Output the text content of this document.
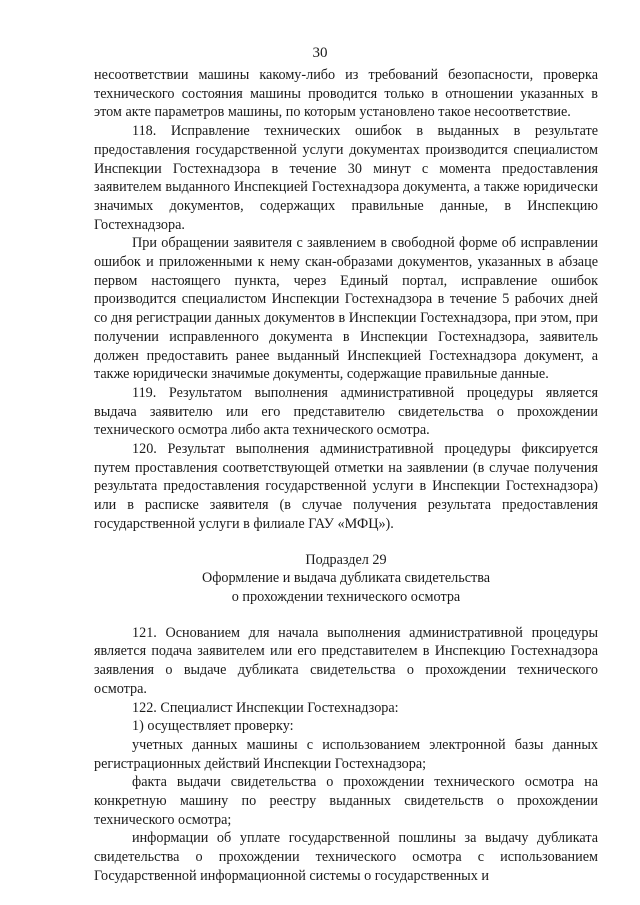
30

несоответствии машины какому-либо из требований безопасности, проверка технического состояния машины проводится только в отношении указанных в этом акте параметров машины, по которым установлено такое несоответствие.

118. Исправление технических ошибок в выданных в результате предоставления государственной услуги документах производится специалистом Инспекции Гостехнадзора в течение 30 минут с момента предоставления заявителем выданного Инспекцией Гостехнадзора документа, а также юридически значимых документов, содержащих правильные данные, в Инспекцию Гостехнадзора.

При обращении заявителя с заявлением в свободной форме об исправлении ошибок и приложенными к нему скан-образами документов, указанных в абзаце первом настоящего пункта, через Единый портал, исправление ошибок производится специалистом Инспекции Гостехнадзора в течение 5 рабочих дней со дня регистрации данных документов в Инспекции Гостехнадзора, при этом, при получении исправленного документа в Инспекции Гостехнадзора, заявитель должен предоставить ранее выданный Инспекцией Гостехнадзора документ, а также юридически значимые документы, содержащие правильные данные.

119. Результатом выполнения административной процедуры является выдача заявителю или его представителю свидетельства о прохождении технического осмотра либо акта технического осмотра.

120. Результат выполнения административной процедуры фиксируется путем проставления соответствующей отметки на заявлении (в случае получения результата предоставления государственной услуги в Инспекции Гостехнадзора) или в расписке заявителя (в случае получения результата предоставления государственной услуги в филиале ГАУ «МФЦ»).

Подраздел 29

Оформление и выдача дубликата свидетельства

о прохождении технического осмотра

121. Основанием для начала выполнения административной процедуры является подача заявителем или его представителем в Инспекцию Гостехнадзора заявления о выдаче дубликата свидетельства о прохождении технического осмотра.

122. Специалист Инспекции Гостехнадзора:

1) осуществляет проверку:

учетных данных машины с использованием электронной базы данных регистрационных действий Инспекции Гостехнадзора;

факта выдачи свидетельства о прохождении технического осмотра на конкретную машину по реестру выданных свидетельств о прохождении технического осмотра;

информации об уплате государственной пошлины за выдачу дубликата свидетельства о прохождении технического осмотра с использованием Государственной информационной системы о государственных и
